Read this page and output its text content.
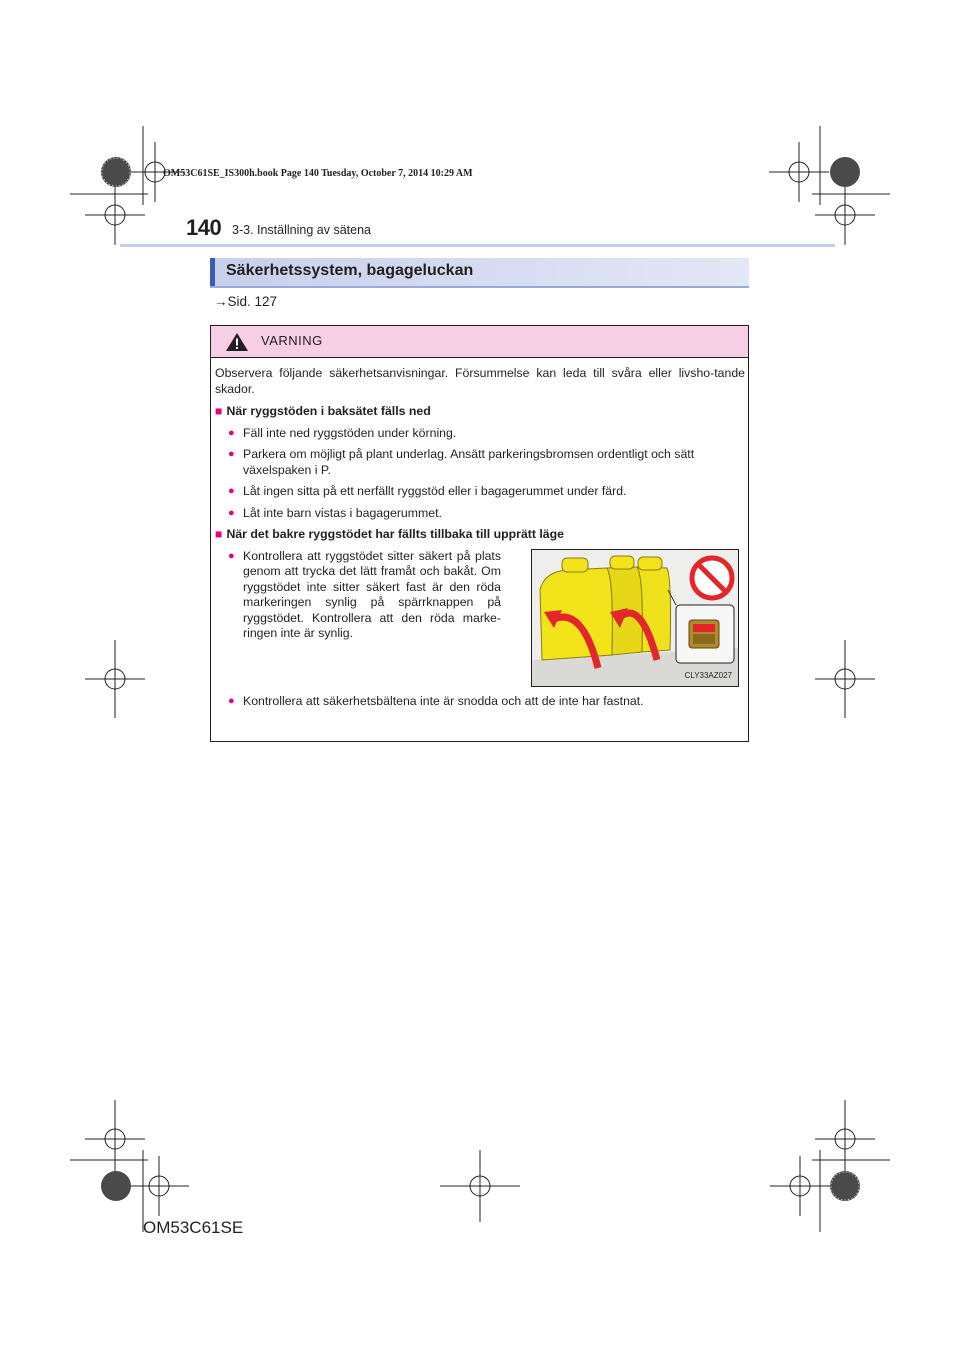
OM53C61SE_IS300h.book Page 140 Tuesday, October 7, 2014 10:29 AM
140 3-3. Inställning av sätena
Säkerhetssystem, bagageluckan
→Sid. 127
VARNING

Observera följande säkerhetsanvisningar. Försummelse kan leda till svåra eller livsho-tande skador.

■ När ryggstöden i baksätet fälls ned
● Fäll inte ned ryggstöden under körning.
● Parkera om möjligt på plant underlag. Ansätt parkeringsbromsen ordentligt och sätt växelspaken i P.
● Låt ingen sitta på ett nerfällt ryggstöd eller i bagagerummet under färd.
● Låt inte barn vistas i bagagerummet.
■ När det bakre ryggstödet har fällts tillbaka till upprätt läge
● Kontrollera att ryggstödet sitter säkert på plats genom att trycka det lätt framåt och bakåt. Om ryggstödet inte sitter säkert fast är den röda markeringen synlig på spärrknappen på ryggstödet. Kontrollera att den röda marke-ringen inte är synlig.
CLY33AZ027
● Kontrollera att säkerhetsbältena inte är snodda och att de inte har fastnat.
OM53C61SE
